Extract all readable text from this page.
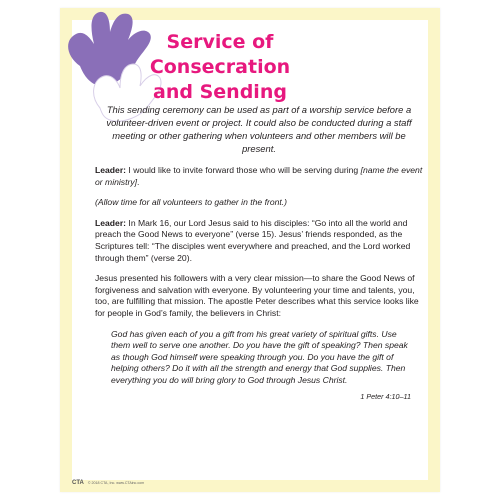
Service of Consecration
and Sending
This sending ceremony can be used as part of a worship service before a volunteer-driven event or project. It could also be conducted during a staff meeting or other gathering when volunteers and other members will be present.

Leader: I would like to invite forward those who will be serving during [name the event or ministry].

(Allow time for all volunteers to gather in the front.)

Leader: In Mark 16, our Lord Jesus said to his disciples: “Go into all the world and preach the Good News to everyone” (verse 15). Jesus’ friends responded, as the Scriptures tell: “The disciples went everywhere and preached, and the Lord worked through them” (verse 20).

Jesus presented his followers with a very clear mission—to share the Good News of forgiveness and salvation with everyone. By volunteering your time and talents, you, too, are fulfilling that mission. The apostle Peter describes what this service looks like for people in God’s family, the believers in Christ:

God has given each of you a gift from his great variety of spiritual gifts. Use them well to serve one another. Do you have the gift of speaking? Then speak as though God himself were speaking through you. Do you have the gift of helping others? Do it with all the strength and energy that God supplies. Then everything you do will bring glory to God through Jesus Christ.
1 Peter 4:10–11
CTA © 2018 CTA, Inc. www.CTAinc.com
